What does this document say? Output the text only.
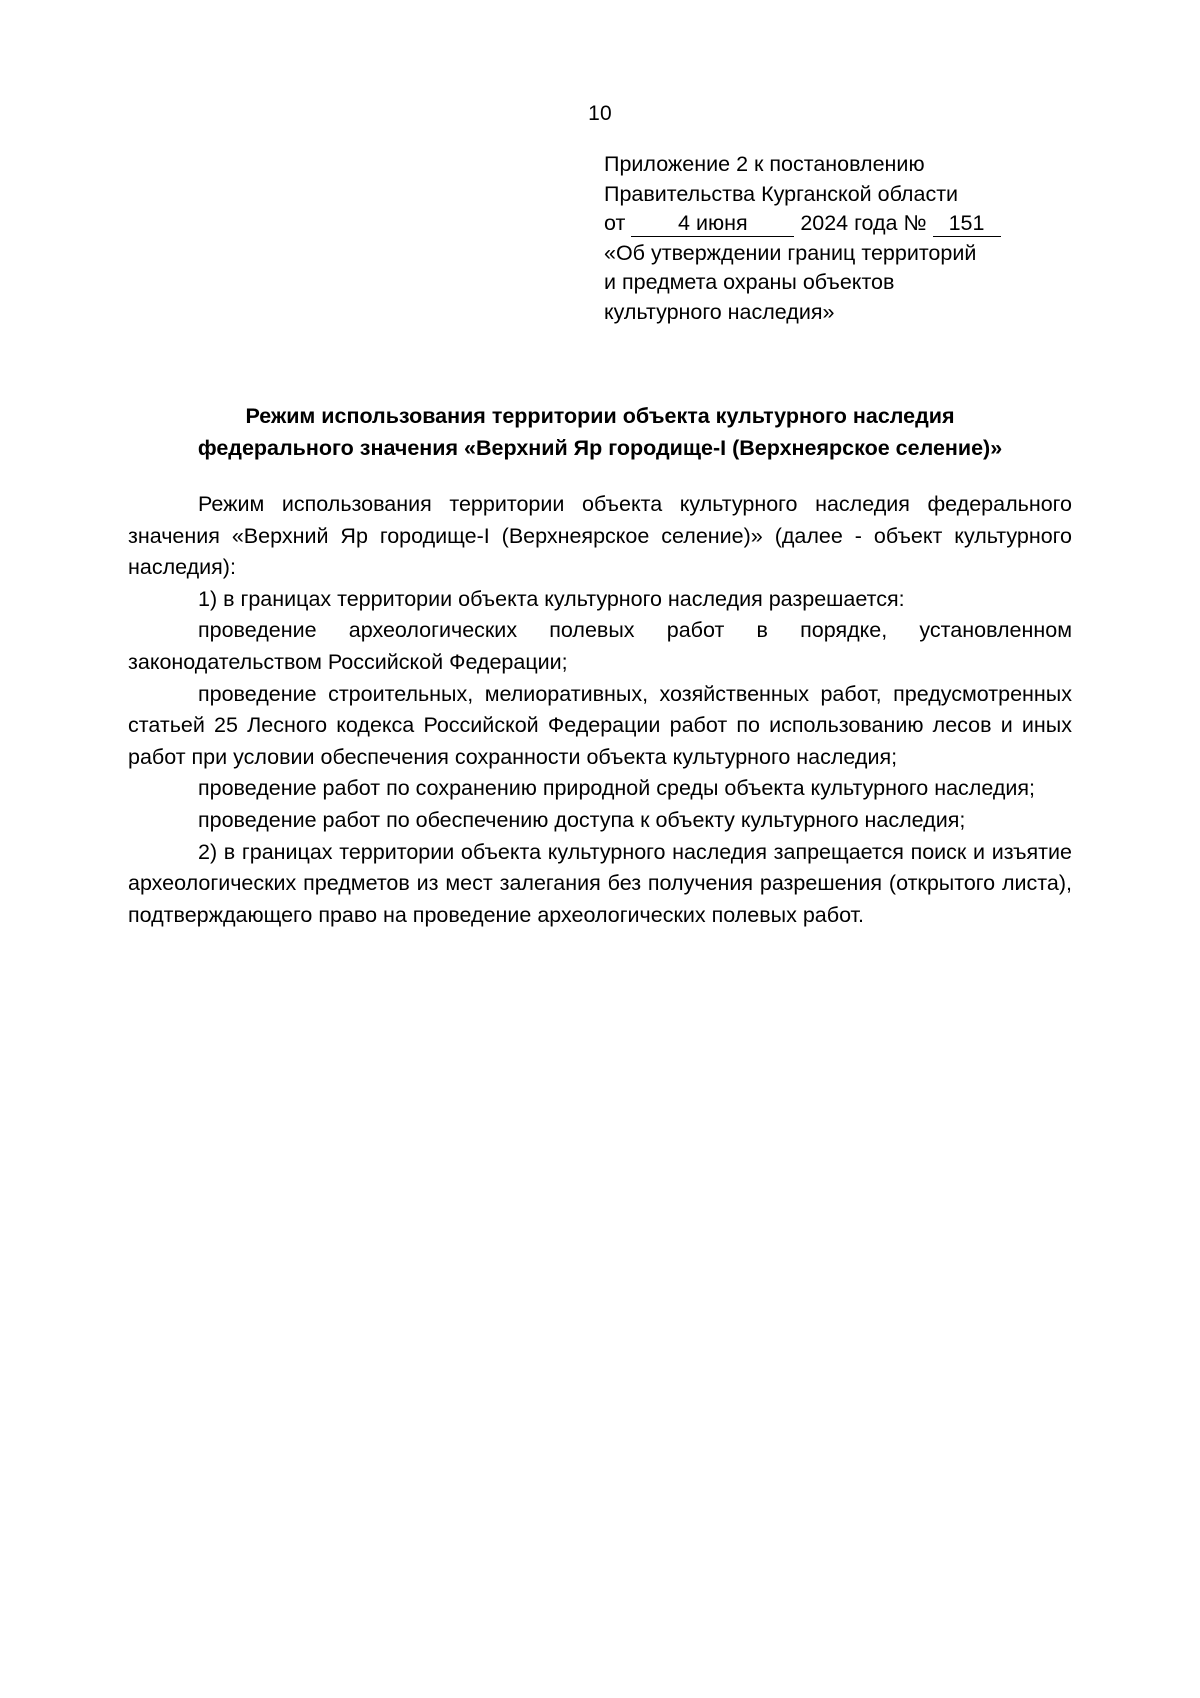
10
Приложение 2 к постановлению
Правительства Курганской области
от 4 июня 2024 года № 151
«Об утверждении границ территорий
и предмета охраны объектов
культурного наследия»
Режим использования территории объекта культурного наследия
федерального значения «Верхний Яр городище-I (Верхнеярское селение)»

Режим использования территории объекта культурного наследия федерального значения «Верхний Яр городище-I (Верхнеярское селение)» (далее - объект культурного наследия):

1) в границах территории объекта культурного наследия разрешается:

проведение археологических полевых работ в порядке, установленном законодательством Российской Федерации;

проведение строительных, мелиоративных, хозяйственных работ, предусмотренных статьей 25 Лесного кодекса Российской Федерации работ по использованию лесов и иных работ при условии обеспечения сохранности объекта культурного наследия;

проведение работ по сохранению природной среды объекта культурного наследия;

проведение работ по обеспечению доступа к объекту культурного наследия;

2) в границах территории объекта культурного наследия запрещается поиск и изъятие археологических предметов из мест залегания без получения разрешения (открытого листа), подтверждающего право на проведение археологических полевых работ.
